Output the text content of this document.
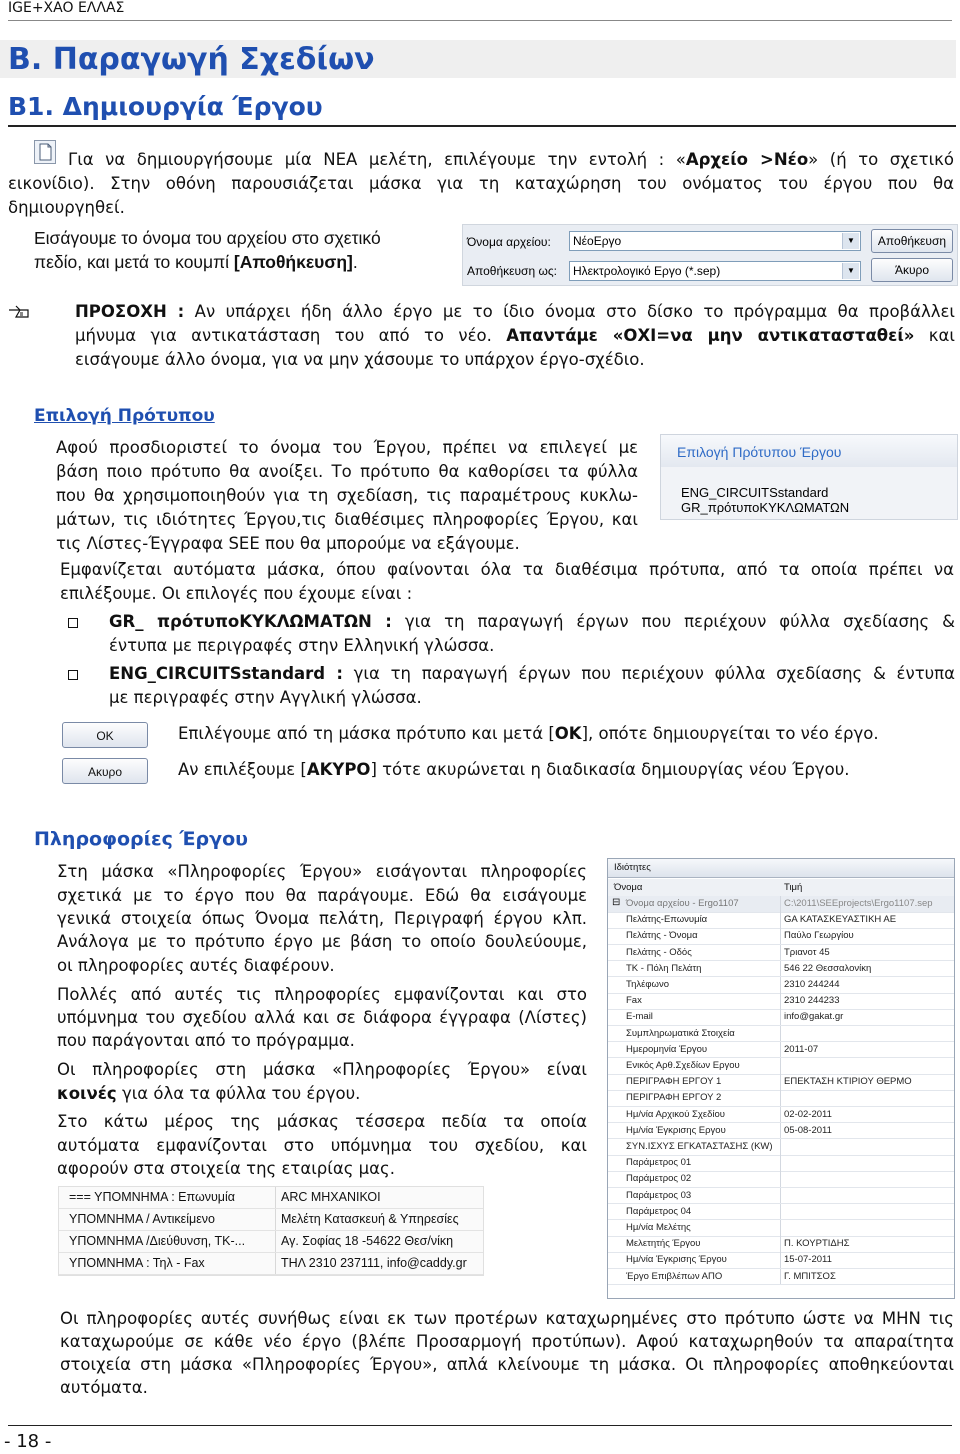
IGE+XAO ΕΛΛΑΣ
B. Παραγωγή Σχεδίων
B1. Δημιουργία Έργου
Για να δημιουργήσουμε μία ΝΕΑ μελέτη, επιλέγουμε την εντολή : «Αρχείο >Νέο» (ή το σχετικό
εικονίδιο). Στην οθόνη παρουσιάζεται μάσκα για τη καταχώρηση του ονόματος του έργου που θα
δημιουργηθεί.
Εισάγουμε το όνομα του αρχείου στο σχετικό
πεδίο, και μετά το κουμπί [Αποθήκευση].
Όνομα αρχείου: ΝέοΕργο	▼	Αποθήκευση
Αποθήκευση ως: Ηλεκτρολογικό Εργο (*.sep)	▼	Άκυρο
ΠΡΟΣΟΧΗ : Αν υπάρχει ήδη άλλο έργο με το ίδιο όνομα στο δίσκο το πρόγραμμα θα προβάλλει
μήνυμα για αντικατάσταση του από το νέο. Απαντάμε «ΟΧΙ=να μην αντικατασταθεί» και
εισάγουμε άλλο όνομα, για να μην χάσουμε το υπάρχον έργο-σχέδιο.
Επιλογή Πρότυπου
Αφού προσδιοριστεί το όνομα του Έργου, πρέπει να επιλεγεί με
βάση ποιο πρότυπο θα ανοίξει. Το πρότυπο θα καθορίσει τα φύλλα
που θα χρησιμοποιηθούν για τη σχεδίαση, τις παραμέτρους κυκλω-
μάτων, τις ιδιότητες Έργου,τις διαθέσιμες πληροφορίες Έργου, και
τις Λίστες-Έγγραφα SEE που θα μπορούμε να εξάγουμε.
Επιλογή Πρότυπου Έργου
ENG_CIRCUITSstandard
GR_πρότυποΚΥΚΛΩΜΑΤΩΝ
Εμφανίζεται αυτόματα μάσκα, όπου φαίνονται όλα τα διαθέσιμα πρότυπα, από τα οποία πρέπει να
επιλέξουμε. Οι επιλογές που έχουμε είναι :
GR_ πρότυποΚΥΚΛΩΜΑΤΩΝ : για τη παραγωγή έργων που περιέχουν φύλλα σχεδίασης &
έντυπα με περιγραφές στην Ελληνική γλώσσα.
ENG_CIRCUITSstandard : για τη παραγωγή έργων που περιέχουν φύλλα σχεδίασης & έντυπα
με περιγραφές στην Αγγλική γλώσσα.
OK
Ακυρο
Επιλέγουμε από τη μάσκα πρότυπο και μετά [OK], οπότε δημιουργείται το νέο έργο.
Αν επιλέξουμε [ΑΚΥΡΟ] τότε ακυρώνεται η διαδικασία δημιουργίας νέου Έργου.
Πληροφορίες Έργου
Στη μάσκα «Πληροφορίες Έργου» εισάγονται πληροφορίες
σχετικά με το έργο που θα παράγουμε. Εδώ θα εισάγουμε
γενικά στοιχεία όπως Όνομα πελάτη, Περιγραφή έργου κλπ.
Ανάλογα με το πρότυπο έργο με βάση το οποίο δουλεύουμε,
οι πληροφορίες αυτές διαφέρουν.
Πολλές από αυτές τις πληροφορίες εμφανίζονται και στο
υπόμνημα του σχεδίου αλλά και σε διάφορα έγγραφα (Λίστες)
που παράγονται από το πρόγραμμα.
Οι πληροφορίες στη μάσκα «Πληροφορίες Έργου» είναι
κοινές για όλα τα φύλλα του έργου.
Στο κάτω μέρος της μάσκας τέσσερα πεδία τα οποία
αυτόματα εμφανίζονται στο υπόμνημα του σχεδίου, και
αφορούν στα στοιχεία της εταιρίας μας.
Ιδιότητες
Όνομα	Τιμή
Όνομα αρχείου - Ergo1107	C:\2011\SEEprojects\Ergo1107.sep
⊟
Πελάτης-Επωνυμία	GA ΚΑΤΑΣΚΕΥΑΣΤΙΚΗ ΑΕ
Πελάτης - Όνομα	Παύλο Γεωργίου
Πελάτης - Οδός	Τριανοτ 45
ΤΚ - Πόλη Πελάτη	546 22 Θεσσαλονίκη
Τηλέφωνο	2310 244244
Fax	2310 244233
E-mail	info@gakat.gr
Συμπληρωματικά Στοιχεία
Ημερομηνία Έργου	2011-07
Ενικός Αρθ.Σχεδίων Εργου
ΠΕΡΙΓΡΑΦΗ ΕΡΓΟΥ 1	ΕΠΕΚΤΑΣΗ ΚΤΙΡΙΟΥ ΘΕΡΜΟ
ΠΕΡΙΓΡΑΦΗ ΕΡΓΟΥ 2
Ημ/νία Αρχικού Σχεδίου	02-02-2011
Ημ/νία Έγκρισης Εργου	05-08-2011
ΣΥΝ.ΙΣΧΥΣ ΕΓΚΑΤΑΣΤΑΣΗΣ (KW)
Παράμετρος 01
Παράμετρος 02
Παράμετρος 03
Παράμετρος 04
Ημ/νία Μελέτης
Μελετητής Έργου	Π. ΚΟΥΡΤΙΔΗΣ
Ημ/νία Έγκρισης Έργου	15-07-2011
Έργο Επιβλέπων ΑΠΟ	Γ. ΜΠΙΤΣΟΣ
=== ΥΠΟΜΝΗΜΑ : Επωνυμία	ARC ΜΗΧΑΝΙΚΟΙ
ΥΠΟΜΝΗΜΑ / Αντικείμενο	Μελέτη Κατασκευή & Υπηρεσίες
ΥΠΟΜΝΗΜΑ /Διεύθυνση, ΤΚ-...	Αγ. Σοφίας 18 -54622 Θεσ/νίκη
ΥΠΟΜΝΗΜΑ : Τηλ - Fax	ΤΗΛ 2310 237111, info@caddy.gr
Οι πληροφορίες αυτές συνήθως είναι εκ των προτέρων καταχωρημένες στο πρότυπο ώστε να ΜΗΝ τις
καταχωρούμε σε κάθε νέο έργο (βλέπε Προσαρμογή προτύπων). Αφού καταχωρηθούν τα απαραίτητα
στοιχεία στη μάσκα «Πληροφορίες Έργου», απλά κλείνουμε τη μάσκα. Οι πληροφορίες αποθηκεύονται
αυτόματα.
- 18 -
